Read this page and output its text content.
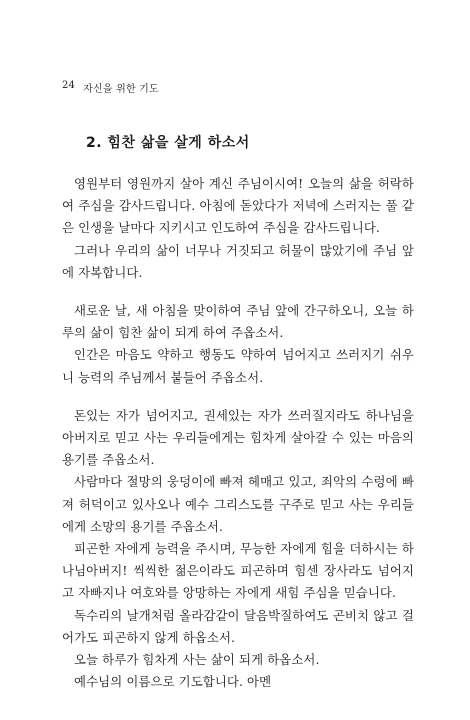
24 자신을 위한 기도
2. 힘찬 삶을 살게 하소서

영원부터 영원까지 살아 계신 주님이시여! 오늘의 삶을 허락하여 주심을 감사드립니다. 아침에 돋았다가 저녁에 스러지는 풀 같은 인생을 날마다 지키시고 인도하여 주심을 감사드립니다.

그러나 우리의 삶이 너무나 거짓되고 허물이 많았기에 주님 앞에 자복합니다.

새로운 날, 새 아침을 맞이하여 주님 앞에 간구하오니, 오늘 하루의 삶이 힘찬 삶이 되게 하여 주옵소서.

인간은 마음도 약하고 행동도 약하여 넘어지고 쓰러지기 쉬우니 능력의 주님께서 붙들어 주옵소서.

돈있는 자가 넘어지고, 권세있는 자가 쓰러질지라도 하나님을 아버지로 믿고 사는 우리들에게는 힘차게 살아갈 수 있는 마음의 용기를 주옵소서.

사람마다 절망의 웅덩이에 빠져 헤매고 있고, 죄악의 수렁에 빠져 허덕이고 있사오나 예수 그리스도를 구주로 믿고 사는 우리들에게 소망의 용기를 주옵소서.

피곤한 자에게 능력을 주시며, 무능한 자에게 힘을 더하시는 하나님아버지! 씩씩한 젊은이라도 피곤하며 힘센 장사라도 넘어지고 자빠지나 여호와를 앙망하는 자에게 새힘 주심을 믿습니다.

독수리의 날개처럼 올라감같이 달음박질하여도 곤비치 않고 걸어가도 피곤하지 않게 하옵소서.

오늘 하루가 힘차게 사는 삶이 되게 하옵소서.

예수님의 이름으로 기도합니다. 아멘
